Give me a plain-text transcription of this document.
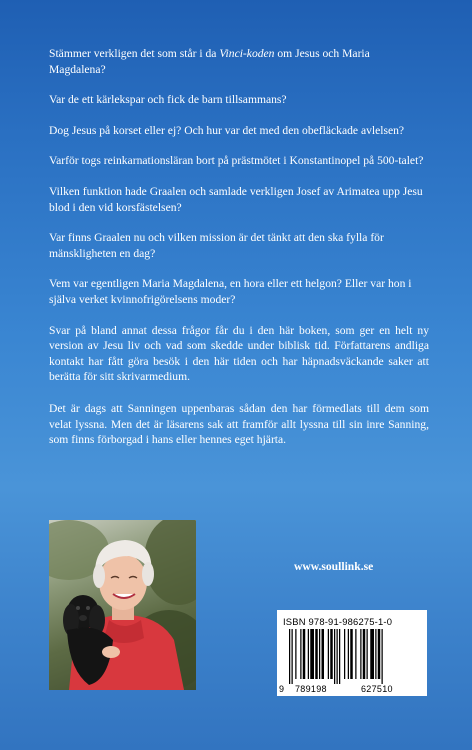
Stämmer verkligen det som står i da Vinci-koden om Jesus och Maria Magdalena?

Var de ett kärlekspar och fick de barn tillsammans?

Dog Jesus på korset eller ej? Och hur var det med den obefläckade avlelsen?

Varför togs reinkarnationsläran bort på prästmötet i Konstantinopel på 500-talet?

Vilken funktion hade Graalen och samlade verkligen Josef av Arimatea upp Jesu blod i den vid korsfästelsen?

Var finns Graalen nu och vilken mission är det tänkt att den ska fylla för mänskligheten en dag?

Vem var egentligen Maria Magdalena, en hora eller ett helgon? Eller var hon i själva verket kvinnofrigörelsens moder?

Svar på bland annat dessa frågor får du i den här boken, som ger en helt ny version av Jesu liv och vad som skedde under biblisk tid. Författarens andliga kontakt har fått göra besök i den här tiden och har häpnadsväckande saker att berätta för sitt skrivarmedium.

Det är dags att Sanningen uppenbaras sådan den har förmedlats till dem som velat lyssna. Men det är läsarens sak att framför allt lyssna till sin inre Sanning, som finns förborgad i hans eller hennes eget hjärta.

www.soullink.se
ISBN 978-91-986275-1-0
9 789198	627510
